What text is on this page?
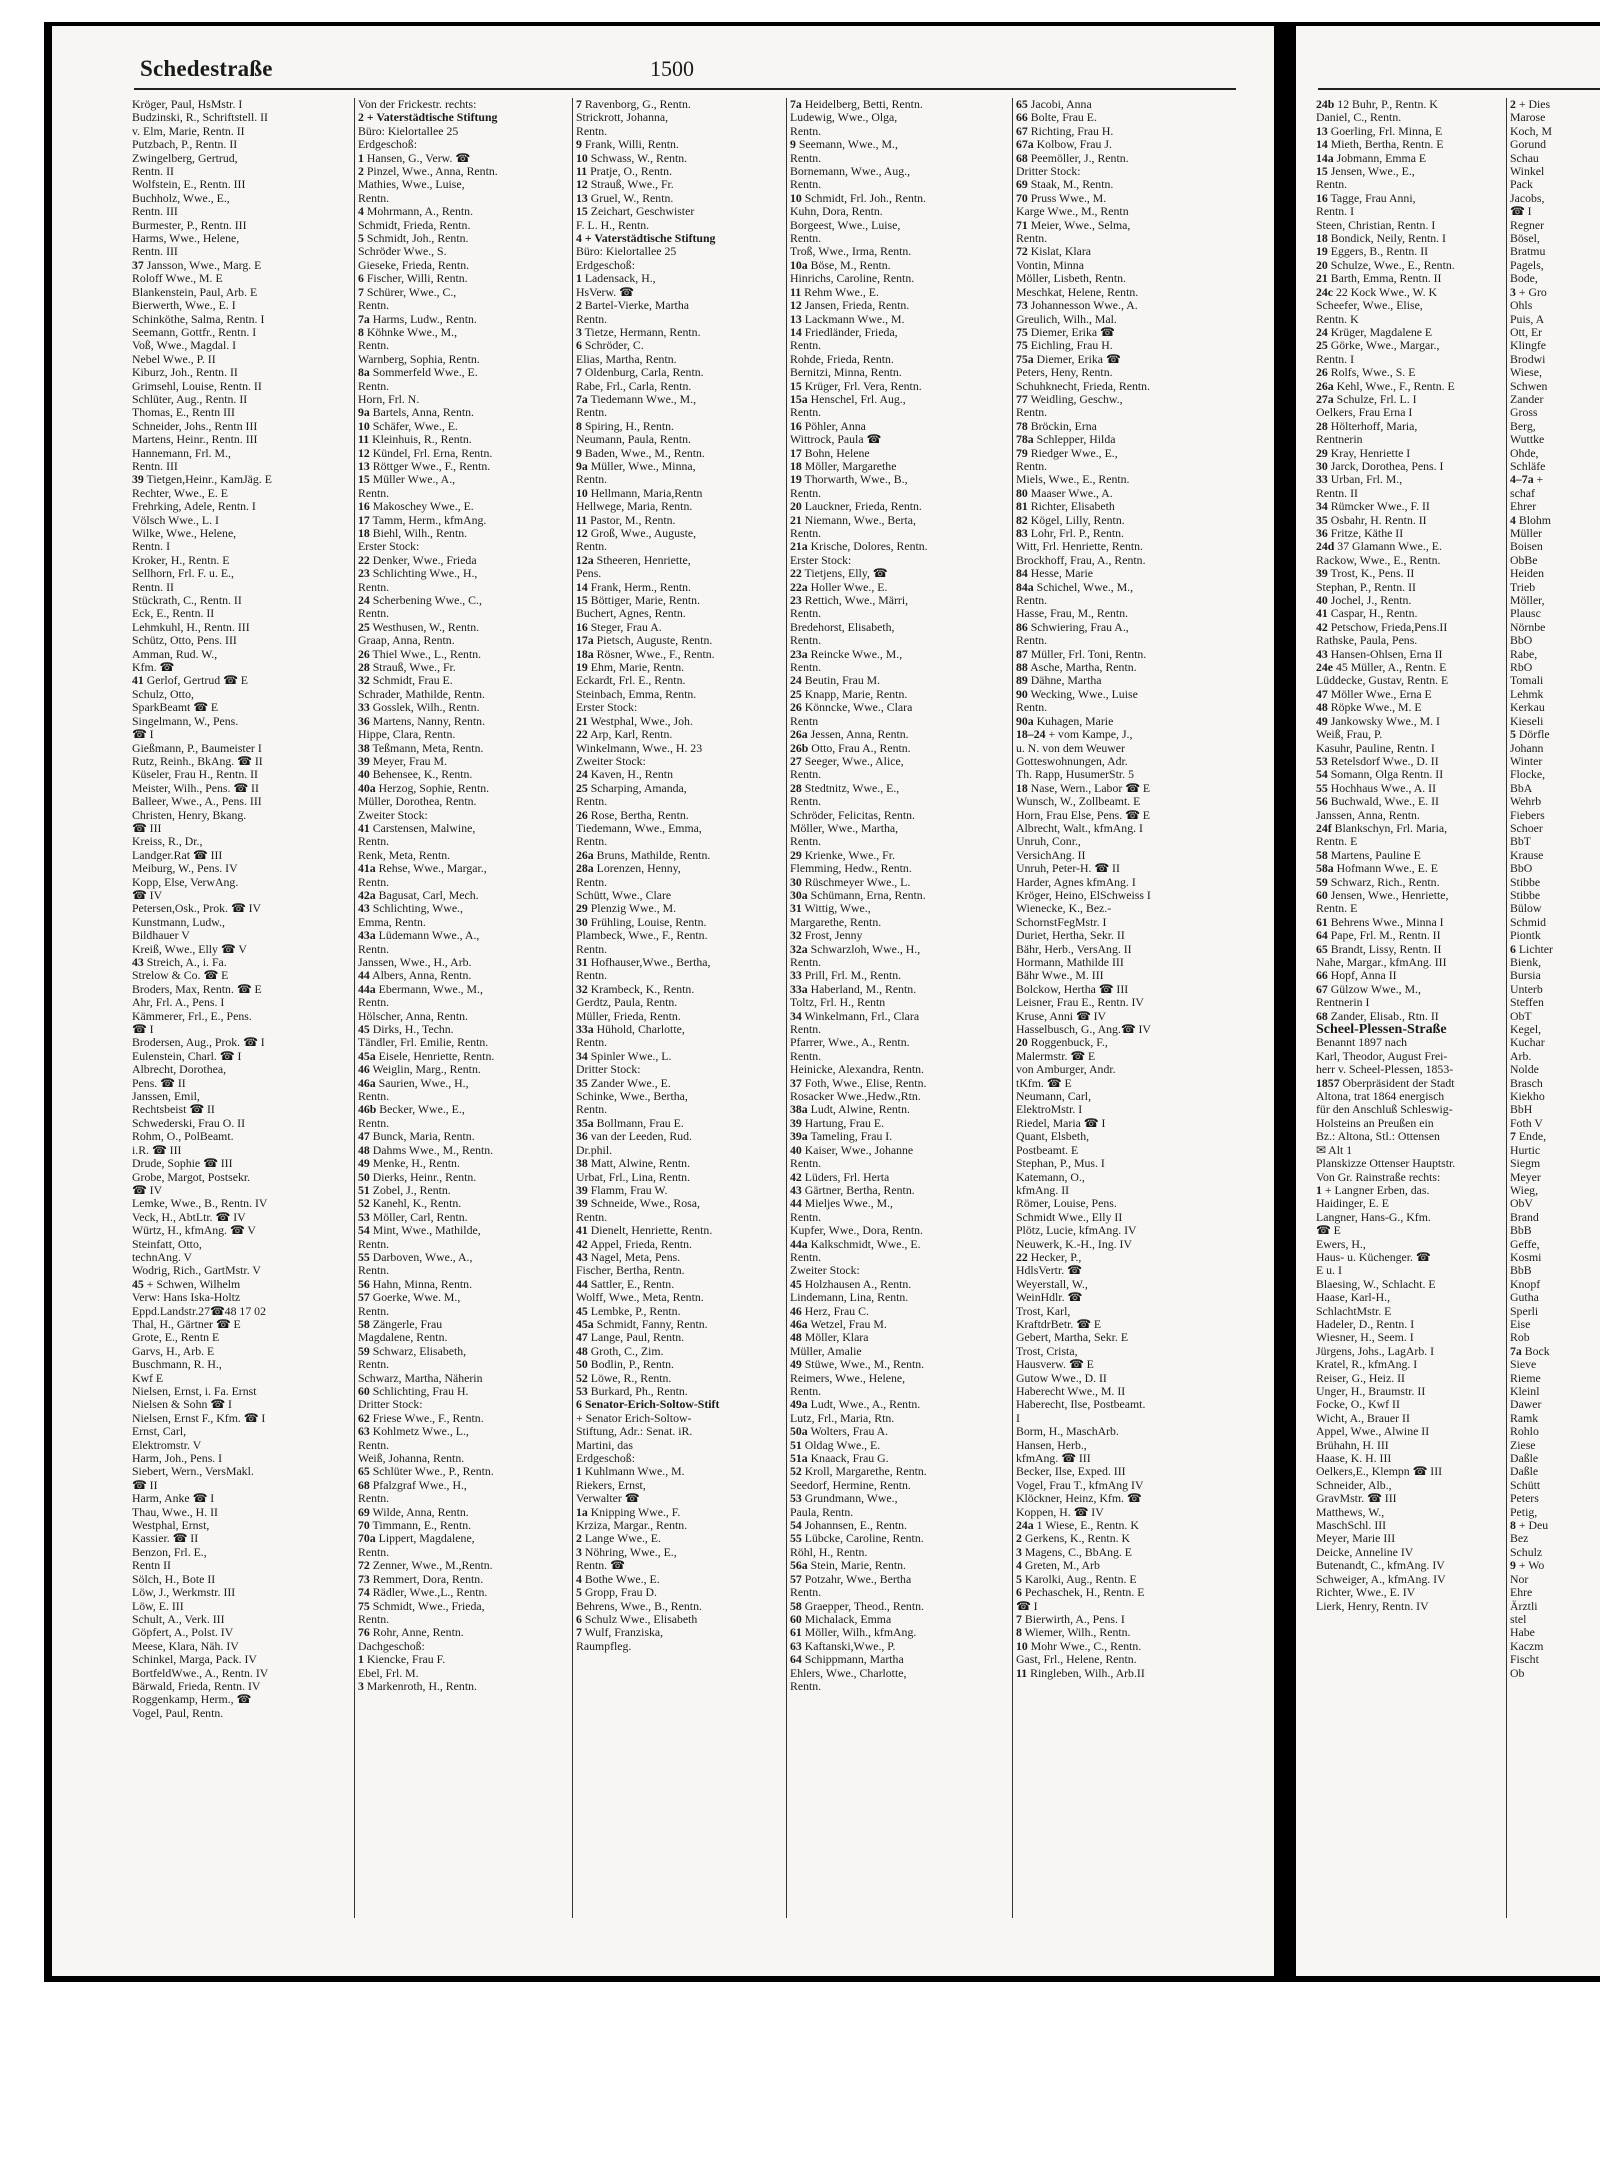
Schedestraße	1500
Kröger, Paul, HsMstr. I
Budzinski, R., Schriftstell. II
v. Elm, Marie, Rentn. II
Putzbach, P., Rentn. II
Zwingelberg, Gertrud,
Rentn. II
Wolfstein, E., Rentn. III
Buchholz, Wwe., E.,
Rentn. III
Burmester, P., Rentn. III
Harms, Wwe., Helene,
Rentn. III
37 Jansson, Wwe., Marg. E
Roloff Wwe., M. E
Blankenstein, Paul, Arb. E
Bierwerth, Wwe., E. I
Schinköthe, Salma, Rentn. I
Seemann, Gottfr., Rentn. I
Voß, Wwe., Magdal. I
Nebel Wwe., P. II
Kiburz, Joh., Rentn. II
Grimsehl, Louise, Rentn. II
Schlüter, Aug., Rentn. II
Thomas, E., Rentn III
Schneider, Johs., Rentn III
Martens, Heinr., Rentn. III
Hannemann, Frl. M.,
Rentn. III
39 Tietgen,Heinr., KamJäg. E
Rechter, Wwe., E. E
Frehrking, Adele, Rentn. I
Völsch Wwe., L. I
Wilke, Wwe., Helene,
Rentn. I
Kroker, H., Rentn. E
Sellhorn, Frl. F. u. E.,
Rentn. II
Stückrath, C., Rentn. II
Eck, E., Rentn. II
Lehmkuhl, H., Rentn. III
Schütz, Otto, Pens. III
Amman, Rud. W.,
Kfm. ☎
41 Gerlof, Gertrud ☎ E
Schulz, Otto,
SparkBeamt ☎ E
Singelmann, W., Pens.
☎ I
Gießmann, P., Baumeister I
Rutz, Reinh., BkAng. ☎ II
Küseler, Frau H., Rentn. II
Meister, Wilh., Pens. ☎ II
Balleer, Wwe., A., Pens. III
Christen, Henry, Bkang.
☎ III
Kreiss, R., Dr.,
Landger.Rat ☎ III
Meiburg, W., Pens. IV
Kopp, Else, VerwAng.
☎ IV
Petersen,Osk., Prok. ☎ IV
Kunstmann, Ludw.,
Bildhauer V
Kreiß, Wwe., Elly ☎ V
43 Streich, A., i. Fa.
Strelow & Co. ☎ E
Broders, Max, Rentn. ☎ E
Ahr, Frl. A., Pens. I
Kämmerer, Frl., E., Pens.
☎ I
Brodersen, Aug., Prok. ☎ I
Eulenstein, Charl. ☎ I
Albrecht, Dorothea,
Pens. ☎ II
Janssen, Emil,
Rechtsbeist ☎ II
Schwederski, Frau O. II
Rohm, O., PolBeamt.
i.R. ☎ III
Drude, Sophie ☎ III
Grobe, Margot, Postsekr.
☎ IV
Lemke, Wwe., B., Rentn. IV
Veck, H., AbtLtr. ☎ IV
Würtz, H., kfmAng. ☎ V
Steinfatt, Otto,
technAng. V
Wodrig, Rich., GartMstr. V
45 + Schwen, Wilhelm
Verw: Hans Iska-Holtz
Eppd.Landstr.27☎48 17 02
Thal, H., Gärtner ☎ E
Grote, E., Rentn E
Garvs, H., Arb. E
Buschmann, R. H.,
Kwf E
Nielsen, Ernst, i. Fa. Ernst
Nielsen & Sohn ☎ I
Nielsen, Ernst F., Kfm. ☎ I
Ernst, Carl,
Elektromstr. V
Harm, Joh., Pens. I
Siebert, Wern., VersMakl.
☎ II
Harm, Anke ☎ I
Thau, Wwe., H. II
Westphal, Ernst,
Kassier. ☎ II
Benzon, Frl. E.,
Rentn II
Sölch, H., Bote II
Löw, J., Werkmstr. III
Löw, E. III
Schult, A., Verk. III
Göpfert, A., Polst. IV
Meese, Klara, Näh. IV
Schinkel, Marga, Pack. IV
BortfeldWwe., A., Rentn. IV
Bärwald, Frieda, Rentn. IV
Roggenkamp, Herm., ☎
Vogel, Paul, Rentn.
Von der Frickestr. rechts:
2 + Vaterstädtische Stiftung
Büro: Kielortallee 25
Erdgeschoß:
1 Hansen, G., Verw. ☎
2 Pinzel, Wwe., Anna, Rentn.
Mathies, Wwe., Luise,
Rentn.
4 Mohrmann, A., Rentn.
Schmidt, Frieda, Rentn.
5 Schmidt, Joh., Rentn.
Schröder Wwe., S.
Gieseke, Frieda, Rentn.
6 Fischer, Willi, Rentn.
7 Schürer, Wwe., C.,
Rentn.
7a Harms, Ludw., Rentn.
8 Köhnke Wwe., M.,
Rentn.
Warnberg, Sophia, Rentn.
8a Sommerfeld Wwe., E.
Rentn.
Horn, Frl. N.
9a Bartels, Anna, Rentn.
10 Schäfer, Wwe., E.
11 Kleinhuis, R., Rentn.
12 Kündel, Frl. Erna, Rentn.
13 Röttger Wwe., F., Rentn.
15 Müller Wwe., A.,
Rentn.
16 Makoschey Wwe., E.
17 Tamm, Herm., kfmAng.
18 Biehl, Wilh., Rentn.
Erster Stock:
22 Denker, Wwe., Frieda
23 Schlichting Wwe., H.,
Rentn.
24 Scherbening Wwe., C.,
Rentn.
25 Westhusen, W., Rentn.
Graap, Anna, Rentn.
26 Thiel Wwe., L., Rentn.
28 Strauß, Wwe., Fr.
32 Schmidt, Frau E.
Schrader, Mathilde, Rentn.
33 Gosslek, Wilh., Rentn.
36 Martens, Nanny, Rentn.
Hippe, Clara, Rentn.
38 Teßmann, Meta, Rentn.
39 Meyer, Frau M.
40 Behensee, K., Rentn.
40a Herzog, Sophie, Rentn.
Müller, Dorothea, Rentn.
Zweiter Stock:
41 Carstensen, Malwine,
Rentn.
Renk, Meta, Rentn.
41a Rehse, Wwe., Margar.,
Rentn.
42a Bagusat, Carl, Mech.
43 Schlichting, Wwe.,
Emma, Rentn.
43a Lüdemann Wwe., A.,
Rentn.
Janssen, Wwe., H., Arb.
44 Albers, Anna, Rentn.
44a Ebermann, Wwe., M.,
Rentn.
Hölscher, Anna, Rentn.
45 Dirks, H., Techn.
Tändler, Frl. Emilie, Rentn.
45a Eisele, Henriette, Rentn.
46 Weiglin, Marg., Rentn.
46a Saurien, Wwe., H.,
Rentn.
46b Becker, Wwe., E.,
Rentn.
47 Bunck, Maria, Rentn.
48 Dahms Wwe., M., Rentn.
49 Menke, H., Rentn.
50 Dierks, Heinr., Rentn.
51 Zobel, J., Rentn.
52 Kanehl, K., Rentn.
53 Möller, Carl, Rentn.
54 Mint, Wwe., Mathilde,
Rentn.
55 Darboven, Wwe., A.,
Rentn.
56 Hahn, Minna, Rentn.
57 Goerke, Wwe. M.,
Rentn.
58 Zängerle, Frau
Magdalene, Rentn.
59 Schwarz, Elisabeth,
Rentn.
Schwarz, Martha, Näherin
60 Schlichting, Frau H.
Dritter Stock:
62 Friese Wwe., F., Rentn.
63 Kohlmetz Wwe., L.,
Rentn.
Weiß, Johanna, Rentn.
65 Schlüter Wwe., P., Rentn.
68 Pfalzgraf Wwe., H.,
Rentn.
69 Wilde, Anna, Rentn.
70 Timmann, E., Rentn.
70a Lippert, Magdalene,
Rentn.
72 Zenner, Wwe., M.,Rentn.
73 Remmert, Dora, Rentn.
74 Rädler, Wwe.,L., Rentn.
75 Schmidt, Wwe., Frieda,
Rentn.
76 Rohr, Anne, Rentn.
Dachgeschoß:
1 Kiencke, Frau F.
Ebel, Frl. M.
3 Markenroth, H., Rentn.
7 Ravenborg, G., Rentn.
Strickrott, Johanna,
Rentn.
9 Frank, Willi, Rentn.
10 Schwass, W., Rentn.
11 Pratje, O., Rentn.
12 Strauß, Wwe., Fr.
13 Gruel, W., Rentn.
15 Zeichart, Geschwister
F. L. H., Rentn.
4 + Vaterstädtische Stiftung
Büro: Kielortallee 25
Erdgeschoß:
1 Ladensack, H.,
HsVerw. ☎
2 Bartel-Vierke, Martha
Rentn.
3 Tietze, Hermann, Rentn.
6 Schröder, C.
Elias, Martha, Rentn.
7 Oldenburg, Carla, Rentn.
Rabe, Frl., Carla, Rentn.
7a Tiedemann Wwe., M.,
Rentn.
8 Spiring, H., Rentn.
Neumann, Paula, Rentn.
9 Baden, Wwe., M., Rentn.
9a Müller, Wwe., Minna,
Rentn.
10 Hellmann, Maria,Rentn
Hellwege, Maria, Rentn.
11 Pastor, M., Rentn.
12 Groß, Wwe., Auguste,
Rentn.
12a Stheeren, Henriette,
Pens.
14 Frank, Herm., Rentn.
15 Böttiger, Marie, Rentn.
Buchert, Agnes, Rentn.
16 Steger, Frau A.
17a Pietsch, Auguste, Rentn.
18a Rösner, Wwe., F., Rentn.
19 Ehm, Marie, Rentn.
Eckardt, Frl. E., Rentn.
Steinbach, Emma, Rentn.
Erster Stock:
21 Westphal, Wwe., Joh.
22 Arp, Karl, Rentn.
Winkelmann, Wwe., H. 23
Zweiter Stock:
24 Kaven, H., Rentn
25 Scharping, Amanda,
Rentn.
26 Rose, Bertha, Rentn.
Tiedemann, Wwe., Emma,
Rentn.
26a Bruns, Mathilde, Rentn.
28a Lorenzen, Henny,
Rentn.
Schütt, Wwe., Clare
29 Plenzig Wwe., M.
30 Frühling, Louise, Rentn.
Plambeck, Wwe., F., Rentn.
Rentn.
31 Hofhauser,Wwe., Bertha,
Rentn.
32 Krambeck, K., Rentn.
Gerdtz, Paula, Rentn.
Müller, Frieda, Rentn.
33a Hühold, Charlotte,
Rentn.
34 Spinler Wwe., L.
Dritter Stock:
35 Zander Wwe., E.
Schinke, Wwe., Bertha,
Rentn.
35a Bollmann, Frau E.
36 van der Leeden, Rud.
Dr.phil.
38 Matt, Alwine, Rentn.
Urbat, Frl., Lina, Rentn.
39 Flamm, Frau W.
39 Schneide, Wwe., Rosa,
Rentn.
41 Dienelt, Henriette, Rentn.
42 Appel, Frieda, Rentn.
43 Nagel, Meta, Pens.
Fischer, Bertha, Rentn.
44 Sattler, E., Rentn.
Wolff, Wwe., Meta, Rentn.
45 Lembke, P., Rentn.
45a Schmidt, Fanny, Rentn.
47 Lange, Paul, Rentn.
48 Groth, C., Zim.
50 Bodlin, P., Rentn.
52 Löwe, R., Rentn.
53 Burkard, Ph., Rentn.
6 Senator-Erich-Soltow-Stift
+ Senator Erich-Soltow-
Stiftung, Adr.: Senat. iR.
Martini, das
Erdgeschoß:
1 Kuhlmann Wwe., M.
Riekers, Ernst,
Verwalter ☎
1a Knipping Wwe., F.
Krziza, Margar., Rentn.
2 Lange Wwe., E.
3 Nöhring, Wwe., E.,
Rentn. ☎
4 Bothe Wwe., E.
5 Gropp, Frau D.
Behrens, Wwe., B., Rentn.
6 Schulz Wwe., Elisabeth
7 Wulf, Franziska,
Raumpfleg.
7a Heidelberg, Betti, Rentn.
Ludewig, Wwe., Olga,
Rentn.
9 Seemann, Wwe., M.,
Rentn.
Bornemann, Wwe., Aug.,
Rentn.
10 Schmidt, Frl. Joh., Rentn.
Kuhn, Dora, Rentn.
Borgeest, Wwe., Luise,
Rentn.
Troß, Wwe., Irma, Rentn.
10a Böse, M., Rentn.
Hinrichs, Caroline, Rentn.
11 Rehm Wwe., E.
12 Jansen, Frieda, Rentn.
13 Lackmann Wwe., M.
14 Friedländer, Frieda,
Rentn.
Rohde, Frieda, Rentn.
Bernitzi, Minna, Rentn.
15 Krüger, Frl. Vera, Rentn.
15a Henschel, Frl. Aug.,
Rentn.
16 Pöhler, Anna
Wittrock, Paula ☎
17 Bohn, Helene
18 Möller, Margarethe
19 Thorwarth, Wwe., B.,
Rentn.
20 Lauckner, Frieda, Rentn.
21 Niemann, Wwe., Berta,
Rentn.
21a Krische, Dolores, Rentn.
Erster Stock:
22 Tietjens, Elly, ☎
22a Holler Wwe., E.
23 Rettich, Wwe., Märri,
Rentn.
Bredehorst, Elisabeth,
Rentn.
23a Reincke Wwe., M.,
Rentn.
24 Beutin, Frau M.
25 Knapp, Marie, Rentn.
26 Könncke, Wwe., Clara
Rentn
26a Jessen, Anna, Rentn.
26b Otto, Frau A., Rentn.
27 Seeger, Wwe., Alice,
Rentn.
28 Stedtnitz, Wwe., E.,
Rentn.
Schröder, Felicitas, Rentn.
Möller, Wwe., Martha,
Rentn.
29 Krienke, Wwe., Fr.
Flemming, Hedw., Rentn.
30 Rüschmeyer Wwe., L.
30a Schümann, Erna, Rentn.
31 Wittig, Wwe.,
Margarethe, Rentn.
32 Frost, Jenny
32a Schwarzloh, Wwe., H.,
Rentn.
33 Prill, Frl. M., Rentn.
33a Haberland, M., Rentn.
Toltz, Frl. H., Rentn
34 Winkelmann, Frl., Clara
Rentn.
Pfarrer, Wwe., A., Rentn.
Rentn.
Heinicke, Alexandra, Rentn.
37 Foth, Wwe., Elise, Rentn.
Rosacker Wwe.,Hedw.,Rtn.
38a Ludt, Alwine, Rentn.
39 Hartung, Frau E.
39a Tameling, Frau I.
40 Kaiser, Wwe., Johanne
Rentn.
42 Lüders, Frl. Herta
43 Gärtner, Bertha, Rentn.
44 Mieljes Wwe., M.,
Rentn.
Kupfer, Wwe., Dora, Rentn.
44a Kalkschmidt, Wwe., E.
Rentn.
Zweiter Stock:
45 Holzhausen A., Rentn.
Lindemann, Lina, Rentn.
46 Herz, Frau C.
46a Wetzel, Frau M.
48 Möller, Klara
Müller, Amalie
49 Stüwe, Wwe., M., Rentn.
Reimers, Wwe., Helene,
Rentn.
49a Ludt, Wwe., A., Rentn.
Lutz, Frl., Maria, Rtn.
50a Wolters, Frau A.
51 Oldag Wwe., E.
51a Knaack, Frau G.
52 Kroll, Margarethe, Rentn.
Seedorf, Hermine, Rentn.
53 Grundmann, Wwe.,
Paula, Rentn.
54 Johannsen, E., Rentn.
55 Lübcke, Caroline, Rentn.
Röhl, H., Rentn.
56a Stein, Marie, Rentn.
57 Potzahr, Wwe., Bertha
Rentn.
58 Graepper, Theod., Rentn.
60 Michalack, Emma
61 Möller, Wilh., kfmAng.
63 Kaftanski,Wwe., P.
64 Schippmann, Martha
Ehlers, Wwe., Charlotte,
Rentn.
65 Jacobi, Anna
66 Bolte, Frau E.
67 Richting, Frau H.
67a Kolbow, Frau J.
68 Peemöller, J., Rentn.
Dritter Stock:
69 Staak, M., Rentn.
70 Pruss Wwe., M.
Karge Wwe., M., Rentn
71 Meier, Wwe., Selma,
Rentn.
72 Kislat, Klara
Vontin, Minna
Möller, Lisbeth, Rentn.
Meschkat, Helene, Rentn.
73 Johannesson Wwe., A.
Greulich, Wilh., Mal.
75 Diemer, Erika ☎
75 Eichling, Frau H.
75a Diemer, Erika ☎
Peters, Heny, Rentn.
Schuhknecht, Frieda, Rentn.
77 Weidling, Geschw.,
Rentn.
78 Bröckin, Erna
78a Schlepper, Hilda
79 Riedger Wwe., E.,
Rentn.
Miels, Wwe., E., Rentn.
80 Maaser Wwe., A.
81 Richter, Elisabeth
82 Kögel, Lilly, Rentn.
83 Lohr, Frl. P., Rentn.
Witt, Frl. Henriette, Rentn.
Brockhoff, Frau, A., Rentn.
84 Hesse, Marie
84a Schichel, Wwe., M.,
Rentn.
Hasse, Frau, M., Rentn.
86 Schwiering, Frau A.,
Rentn.
87 Müller, Frl. Toni, Rentn.
88 Asche, Martha, Rentn.
89 Dähne, Martha
90 Wecking, Wwe., Luise
Rentn.
90a Kuhagen, Marie
18–24 + vom Kampe, J.,
u. N. von dem Weuwer
Gotteswohnungen, Adr.
Th. Rapp, HusumerStr. 5
18 Nase, Wern., Labor ☎ E
Wunsch, W., Zollbeamt. E
Horn, Frau Else, Pens. ☎ E
Albrecht, Walt., kfmAng. I
Unruh, Conr.,
VersichAng. II
Unruh, Peter-H. ☎ II
Harder, Agnes kfmAng. I
Kröger, Heino, ElSchweiss I
Wienecke, K., Bez.-
SchornstFegMstr. I
Duriet, Hertha, Sekr. II
Bähr, Herb., VersAng. II
Hormann, Mathilde III
Bähr Wwe., M. III
Bolckow, Hertha ☎ III
Leisner, Frau E., Rentn. IV
Kruse, Anni ☎ IV
Hasselbusch, G., Ang.☎ IV
20 Roggenbuck, F.,
Malermstr. ☎ E
von Amburger, Andr.
tKfm. ☎ E
Neumann, Carl,
ElektroMstr. I
Riedel, Maria ☎ I
Quant, Elsbeth,
Postbeamt. E
Stephan, P., Mus. I
Katemann, O.,
kfmAng. II
Römer, Louise, Pens.
Schmidt Wwe., Elly II
Plötz, Lucie, kfmAng. IV
Neuwerk, K.-H., Ing. IV
22 Hecker, P.,
HdlsVertr. ☎
Weyerstall, W.,
WeinHdlr. ☎
Trost, Karl,
KraftdrBetr. ☎ E
Gebert, Martha, Sekr. E
Trost, Crista,
Hausverw. ☎ E
Gutow Wwe., D. II
Haberecht Wwe., M. II
Haberecht, Ilse, Postbeamt.
I
Borm, H., MaschArb.
Hansen, Herb.,
kfmAng. ☎ III
Becker, Ilse, Exped. III
Vogel, Frau T., kfmAng IV
Klöckner, Heinz, Kfm. ☎
Koppen, H. ☎ IV
24a 1 Wiese, E., Rentn. K
2 Gerkens, K., Rentn. K
3 Magens, C., BbAng. E
4 Greten, M., Arb
5 Karolki, Aug., Rentn. E
6 Pechaschek, H., Rentn. E
☎ I
7 Bierwirth, A., Pens. I
8 Wiemer, Wilh., Rentn.
10 Mohr Wwe., C., Rentn.
Gast, Frl., Helene, Rentn.
11 Ringleben, Wilh., Arb.II
24b 12 Buhr, P., Rentn. K
Daniel, C., Rentn.
13 Goerling, Frl. Minna, E
14 Mieth, Bertha, Rentn. E
14a Jobmann, Emma E
15 Jensen, Wwe., E.,
Rentn.
16 Tagge, Frau Anni,
Rentn. I
Steen, Christian, Rentn. I
18 Bondick, Neily, Rentn. I
19 Eggers, B., Rentn. II
20 Schulze, Wwe., E., Rentn.
21 Barth, Emma, Rentn. II
24c 22 Kock Wwe., W. K
Scheefer, Wwe., Elise,
Rentn. K
24 Krüger, Magdalene E
25 Görke, Wwe., Margar.,
Rentn. I
26 Rolfs, Wwe., S. E
26a Kehl, Wwe., F., Rentn. E
27a Schulze, Frl. L. I
Oelkers, Frau Erna I
28 Hölterhoff, Maria,
Rentnerin
29 Kray, Henriette I
30 Jarck, Dorothea, Pens. I
33 Urban, Frl. M.,
Rentn. II
34 Rümcker Wwe., F. II
35 Osbahr, H. Rentn. II
36 Fritze, Käthe II
24d 37 Glamann Wwe., E.
Rackow, Wwe., E., Rentn.
39 Trost, K., Pens. II
Stephan, P., Rentn. II
40 Jochel, J., Rentn.
41 Caspar, H., Rentn.
42 Petschow, Frieda,Pens.II
Rathske, Paula, Pens.
43 Hansen-Ohlsen, Erna II
24e 45 Müller, A., Rentn. E
Lüddecke, Gustav, Rentn. E
47 Möller Wwe., Erna E
48 Röpke Wwe., M. E
49 Jankowsky Wwe., M. I
Weiß, Frau, P.
Kasuhr, Pauline, Rentn. I
53 Retelsdorf Wwe., D. II
54 Somann, Olga Rentn. II
55 Hochhaus Wwe., A. II
56 Buchwald, Wwe., E. II
Janssen, Anna, Rentn.
24f Blankschyn, Frl. Maria,
Rentn. E
58 Martens, Pauline E
58a Hofmann Wwe., E. E
59 Schwarz, Rich., Rentn.
60 Jensen, Wwe., Henriette,
Rentn. E
61 Behrens Wwe., Minna I
64 Pape, Frl. M., Rentn. II
65 Brandt, Lissy, Rentn. II
Nahe, Margar., kfmAng. III
66 Hopf, Anna II
67 Gülzow Wwe., M.,
Rentnerin I
68 Zander, Elisab., Rtn. II
Scheel-Plessen-Straße
Benannt 1897 nach
Karl, Theodor, August Frei-
herr v. Scheel-Plessen, 1853-
1857 Oberpräsident der Stadt
Altona, trat 1864 energisch
für den Anschluß Schleswig-
Holsteins an Preußen ein
Bz.: Altona, Stl.: Ottensen
✉ Alt 1
Planskizze Ottenser Hauptstr.
Von Gr. Rainstraße rechts:
1 + Langner Erben, das.
Haidinger, E. E
Langner, Hans-G., Kfm.
☎ E
Ewers, H.,
Haus- u. Küchenger. ☎
E u. I
Blaesing, W., Schlacht. E
Haase, Karl-H.,
SchlachtMstr. E
Hadeler, D., Rentn. I
Wiesner, H., Seem. I
Jürgens, Johs., LagArb. I
Kratel, R., kfmAng. I
Reiser, G., Heiz. II
Unger, H., Braumstr. II
Focke, O., Kwf II
Wicht, A., Brauer II
Appel, Wwe., Alwine II
Brühahn, H. III
Haase, K. H. III
Oelkers,E., Klempn ☎ III
Schneider, Alb.,
GravMstr. ☎ III
Matthews, W.,
MaschSchl. III
Meyer, Marie III
Deicke, Anneline IV
Butenandt, C., kfmAng. IV
Schweiger, A., kfmAng. IV
Richter, Wwe., E. IV
Lierk, Henry, Rentn. IV
2 + Dies
Marose
Koch, M
Gorund
Schau
Winkel
Pack
Jacobs,
☎ I
Regner
Bösel,
Bratmu
Pagels,
Bode,
3 + Gro
Ohls
Puis, A
Ott, Er
Klingfe
Brodwi
Wiese,
Schwen
Zander
Gross
Berg,
Wuttke
Ohde,
Schläfe
4–7a +
schaf
Ehrer
4 Blohm
Müller
Boisen
ObBe
Heiden
Trieb
Möller,
Plausc
Nörnbe
BbO
Rabe,
RbO
Tomali
Lehmk
Kerkau
Kieseli
5 Dörfle
Johann
Winter
Flocke,
BbA
Wehrb
Fiebers
Schoer
BbT
Krause
BbO
Stibbe
Stibbe
Bülow
Schmid
Piontk
6 Lichter
Bienk,
Bursia
Unterb
Steffen
ObT
Kegel,
Kuchar
Arb.
Nolde
Brasch
Kiekho
BbH
Foth V
7 Ende,
Hurtic
Siegm
Meyer
Wieg,
ObV
Brand
BbB
Geffe,
Kosmi
BbB
Knopf
Gutha
Sperli
Eise
Rob
7a Bock
Sieve
Rieme
Kleinl
Dawer
Ramk
Rohlo
Ziese
Daßle
Daßle
Schütt
Peters
Petig,
8 + Deu
Bez
Schulz
9 + Wo
Nor
Ehre
Ärztli
stel
Habe
Kaczm
Fischt
Ob
